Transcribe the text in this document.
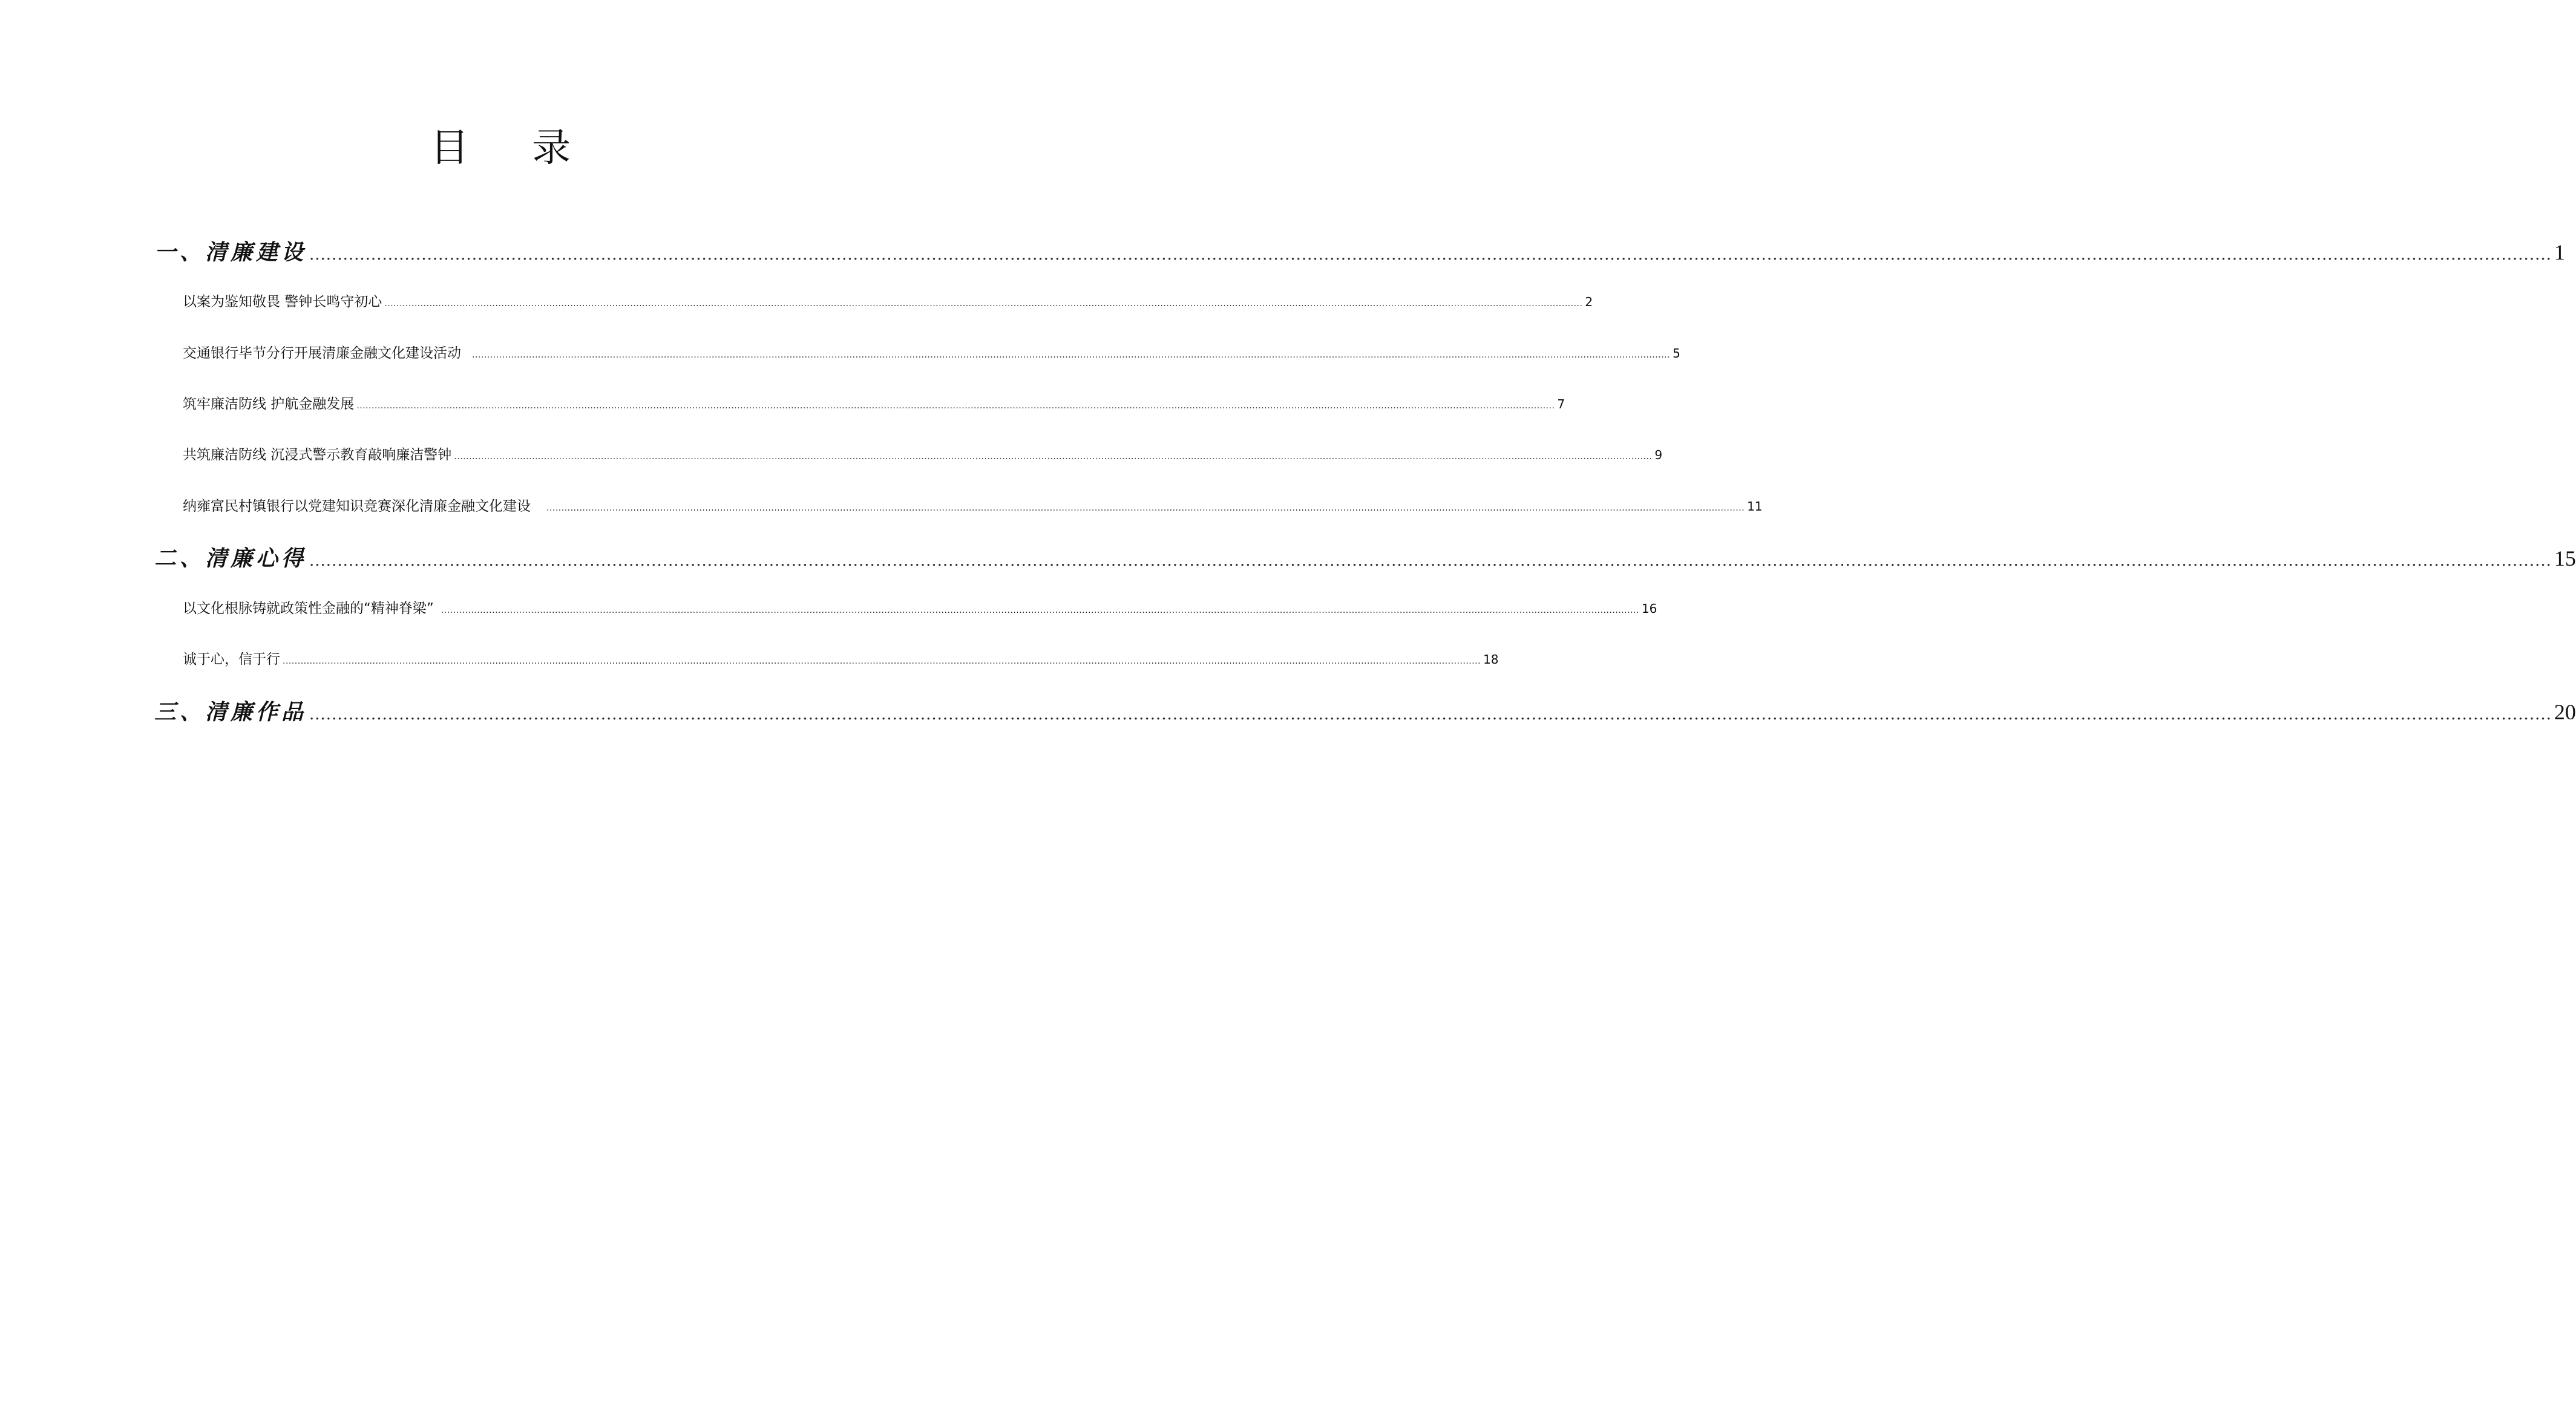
目 录
一、清廉建设 ................................................................................................................................................................................................................................................................................................................................................................................................................ 1
以案为鉴知敬畏 警钟长鸣守初心 ................................................................................................................................................................................................................................................................................................................................................................................................................ 2
交通银行毕节分行开展清廉金融文化建设活动 ................................................................................................................................................................................................................................................................................................................................................................................................................ 5
筑牢廉洁防线 护航金融发展 ................................................................................................................................................................................................................................................................................................................................................................................................................ 7
共筑廉洁防线 沉浸式警示教育敲响廉洁警钟 ................................................................................................................................................................................................................................................................................................................................................................................................................ 9
纳雍富民村镇银行以党建知识竞赛深化清廉金融文化建设 ................................................................................................................................................................................................................................................................................................................................................................................................................ 11
二、清廉心得 ................................................................................................................................................................................................................................................................................................................................................................................................................ 15
以文化根脉铸就政策性金融的“精神脊梁” ................................................................................................................................................................................................................................................................................................................................................................................................................ 16
诚于心，信于行 ................................................................................................................................................................................................................................................................................................................................................................................................................ 18
三、清廉作品 ................................................................................................................................................................................................................................................................................................................................................................................................................ 20
